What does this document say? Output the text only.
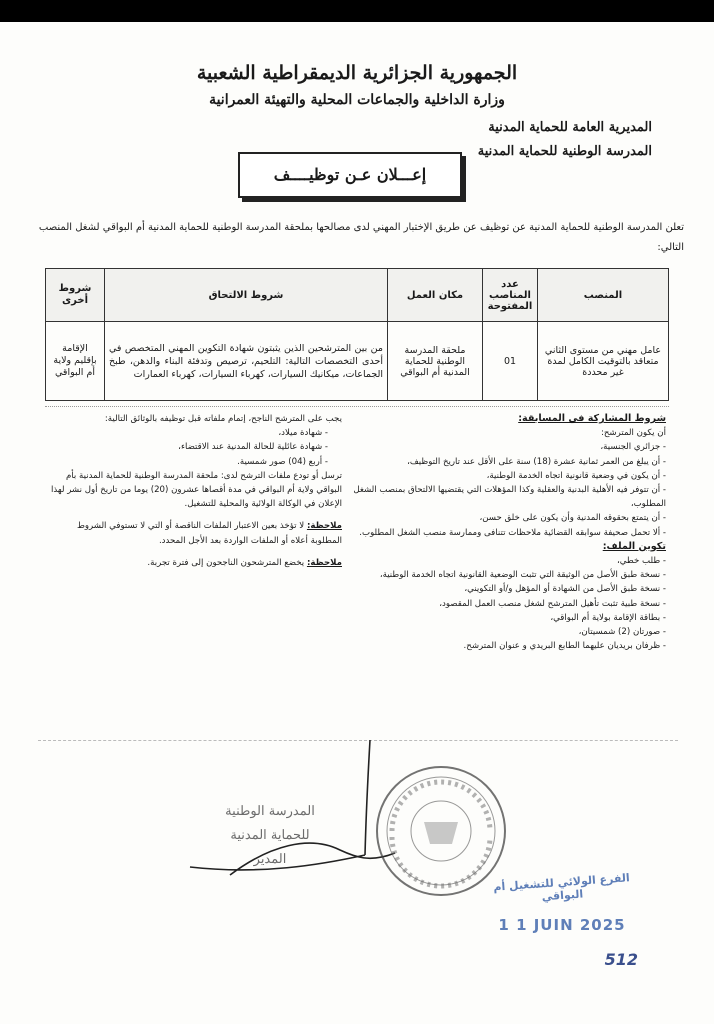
الجمهورية الجزائرية الديمقراطية الشعبية
وزارة الداخلية والجماعات المحلية والتهيئة العمرانية
المديرية العامة للحماية المدنية
المدرسة الوطنية للحماية المدنية
إعـــلان عـن توظيــــف
تعلن المدرسة الوطنية للحماية المدنية عن توظيف عن طريق الإختبار المهني لدى مصالحها بملحقة المدرسة الوطنية للحماية المدنية أم البواقي لشغل المنصب التالي:
المنصب	عدد المناصب المفتوحة	مكان العمل	شروط الالتحاق	شروط أخرى
عامل مهني من مستوى الثاني متعاقد بالتوقيت الكامل لمدة غير محددة	01	ملحقة المدرسة الوطنية للحماية المدنية أم البواقي	من بين المترشحين الذين يثبتون شهادة التكوين المهني المتخصص في أحدى التخصصات التالية: التلحيم، ترصيص وتدفئة البناء والدهن، طبخ الجماعات، ميكانيك السيارات، كهرباء السيارات، كهرباء العمارات	الإقامة بإقليم ولاية أم البواقي
شروط المشاركة في المسابقة:
أن يكون المترشح:
- جزائري الجنسية،
- أن يبلغ من العمر ثمانية عشرة (18) سنة على الأقل عند تاريخ التوظيف،
- أن يكون في وضعية قانونية اتجاه الخدمة الوطنية،
- أن تتوفر فيه الأهلية البدنية والعقلية وكذا المؤهلات التي يقتضيها الالتحاق بمنصب الشغل المطلوب،
- أن يتمتع بحقوقه المدنية وأن يكون على خلق حسن،
- ألا تحمل صحيفة سوابقه القضائية ملاحظات تتنافى وممارسة منصب الشغل المطلوب.
تكوين الملف:
- طلب خطي،
- نسخة طبق الأصل من الوثيقة التي تثبت الوضعية القانونية اتجاه الخدمة الوطنية،
- نسخة طبق الأصل من الشهادة أو المؤهل و/أو التكويني،
- نسخة طبية تثبت تأهيل المترشح لشغل منصب العمل المقصود،
- بطاقة الإقامة بولاية أم البواقي،
- صورتان (2) شمسيتان،
- ظرفان بريديان عليهما الطابع البريدي و عنوان المترشح.
يجب على المترشح الناجح، إتمام ملفاته قبل توظيفه بالوثائق التالية:
- شهادة ميلاد،
- شهادة عائلية للحالة المدنية عند الاقتضاء،
- أربع (04) صور شمسية.
ترسل أو تودع ملفات الترشح لدى: ملحقة المدرسة الوطنية للحماية المدنية بأم البواقي ولاية أم البواقي في مدة أقصاها عشرون (20) يوما من تاريخ أول نشر لهذا الإعلان في الوكالة الولائية والمحلية للتشغيل.
ملاحظة: لا تؤخذ بعين الاعتبار الملفات الناقصة أو التي لا تستوفي الشروط المطلوبة أعلاه أو الملفات الواردة بعد الأجل المحدد.
ملاحظة: يخضع المترشحون الناجحون إلى فترة تجربة.
المدرسة الوطنية
للحماية المدنية
المدير
الفرع الولائي للتشغيل أم البواقي
1 1 JUIN 2025
512
